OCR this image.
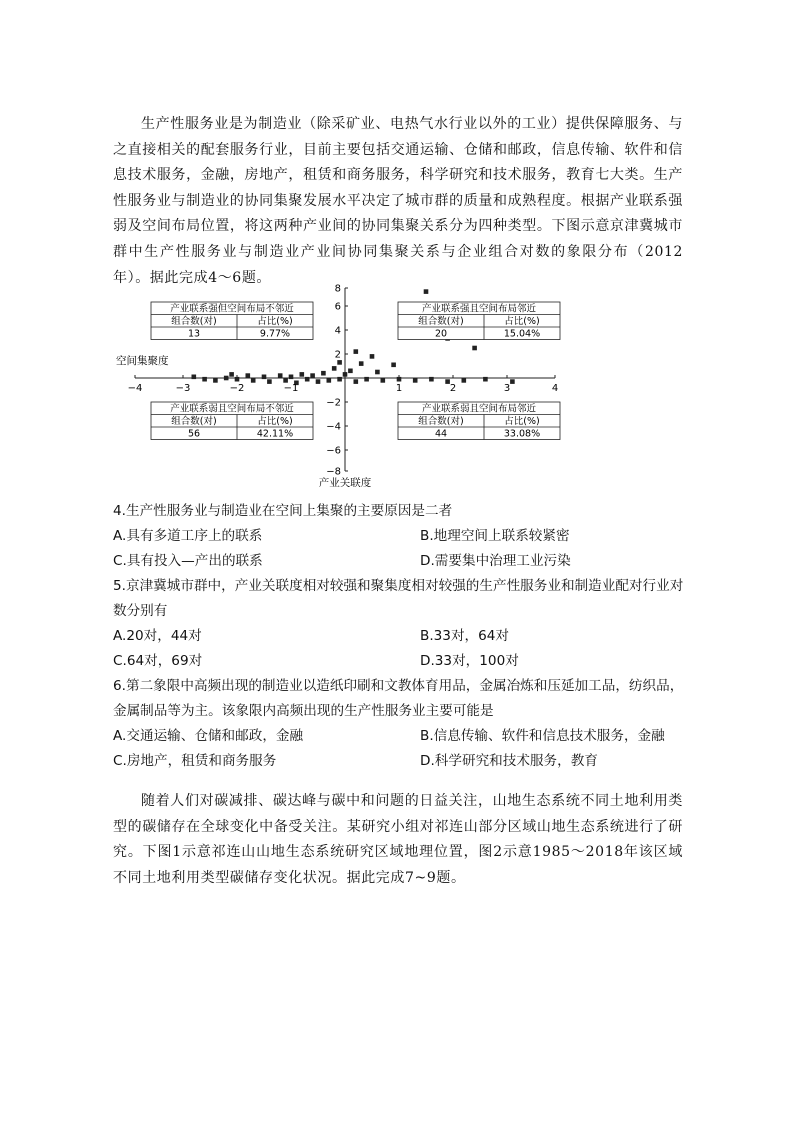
生产性服务业是为制造业（除采矿业、电热气水行业以外的工业）提供保障服务、与之直接相关的配套服务行业，目前主要包括交通运输、仓储和邮政，信息传输、软件和信息技术服务，金融，房地产，租赁和商务服务，科学研究和技术服务，教育七大类。生产性服务业与制造业的协同集聚发展水平决定了城市群的质量和成熟程度。根据产业联系强弱及空间布局位置，将这两种产业间的协同集聚关系分为四种类型。下图示意京津冀城市群中生产性服务业与制造业产业间协同集聚关系与企业组合对数的象限分布（2012年）。据此完成4～6题。

产业联系强但空间布局不邻近
组合数(对)	占比(%)
13	9.77%
产业联系强且空间布局邻近
组合数(对)	占比(%)
20	15.04%
产业联系弱且空间布局不邻近
组合数(对)	占比(%)
56	42.11%
产业联系弱且空间布局邻近
组合数(对)	占比(%)
44	33.08%
−4	−3	−2	−1	1	2	3	4
8
6
4
2
−2
−4
−6
−8
空间集聚度
产业关联度
4.生产性服务业与制造业在空间上集聚的主要原因是二者
A.具有多道工序上的联系	B.地理空间上联系较紧密
C.具有投入—产出的联系	D.需要集中治理工业污染
5.京津冀城市群中，产业关联度相对较强和聚集度相对较强的生产性服务业和制造业配对行业对数分别有
A.20对，44对	B.33对，64对
C.64对，69对	D.33对，100对
6.第二象限中高频出现的制造业以造纸印刷和文教体育用品，金属冶炼和压延加工品，纺织品，金属制品等为主。该象限内高频出现的生产性服务业主要可能是
A.交通运输、仓储和邮政，金融	B.信息传输、软件和信息技术服务，金融
C.房地产，租赁和商务服务	D.科学研究和技术服务，教育

随着人们对碳减排、碳达峰与碳中和问题的日益关注，山地生态系统不同土地利用类型的碳储存在全球变化中备受关注。某研究小组对祁连山部分区域山地生态系统进行了研究。下图1示意祁连山山地生态系统研究区域地理位置，图2示意1985～2018年该区域不同土地利用类型碳储存变化状况。据此完成7~9题。
